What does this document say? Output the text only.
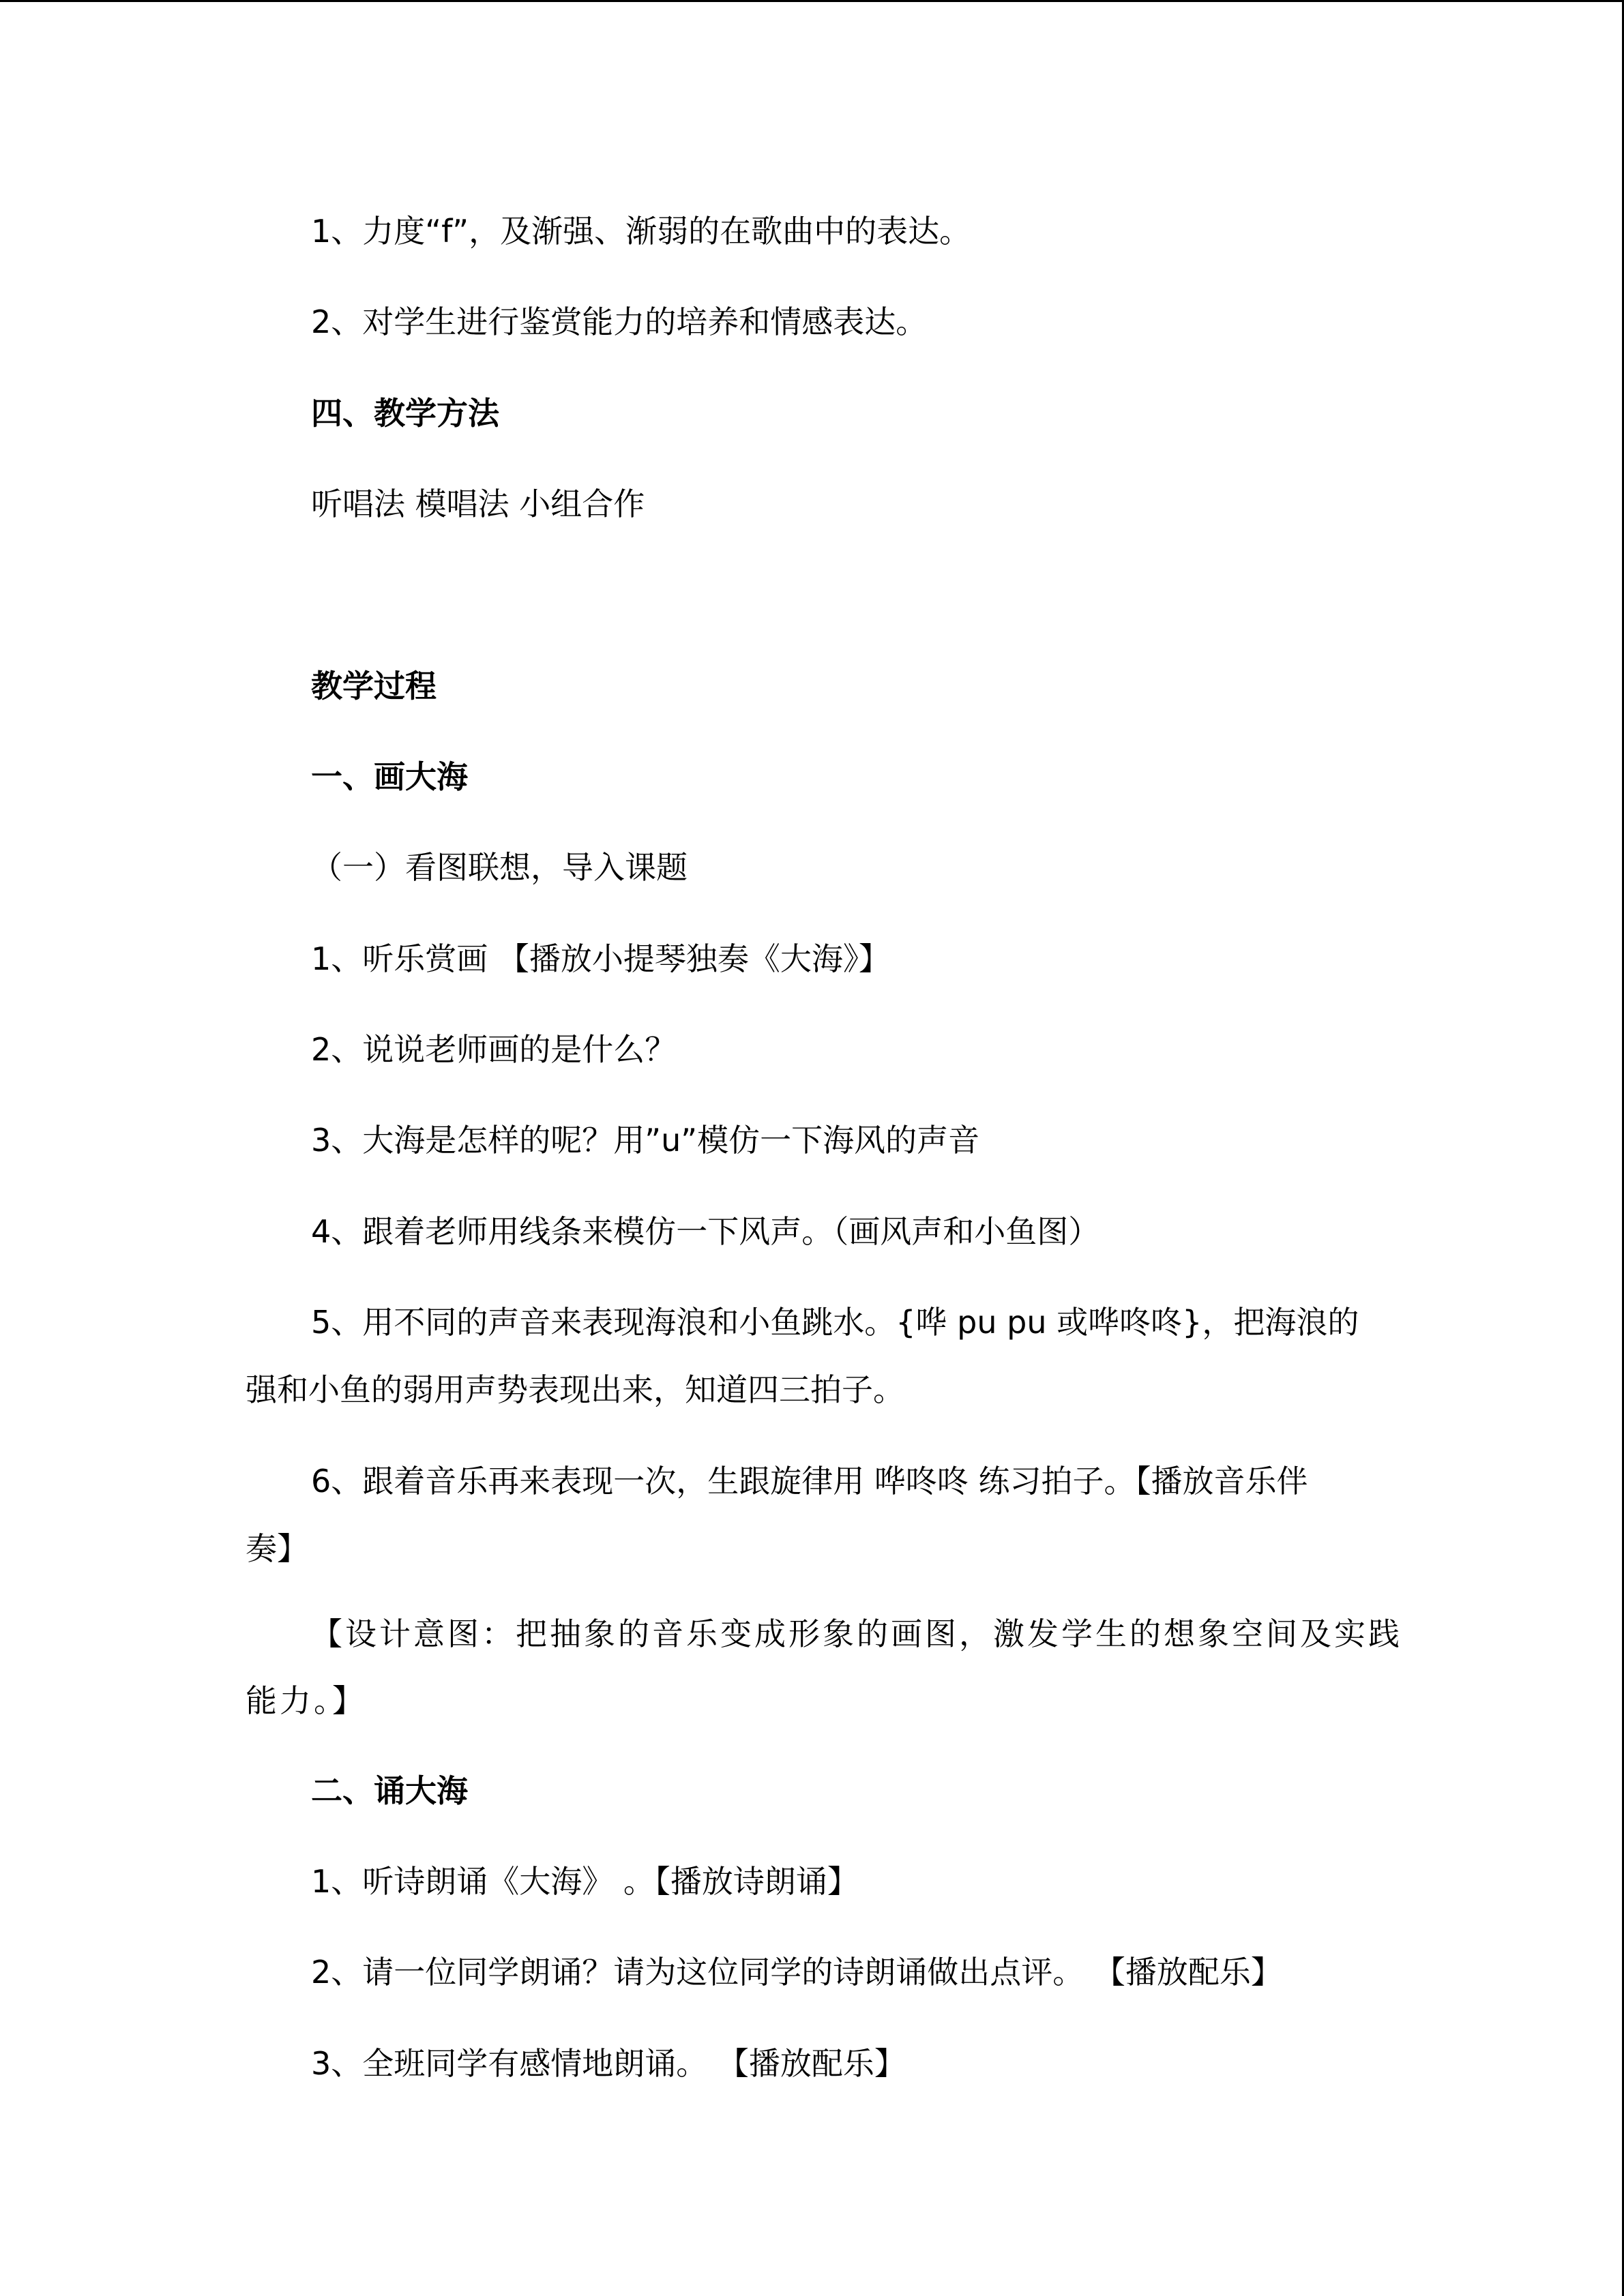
1、力度“f”，及渐强、渐弱的在歌曲中的表达。
2、对学生进行鉴赏能力的培养和情感表达。
四、教学方法
听唱法 模唱法 小组合作
教学过程
一、画大海
（一）看图联想，导入课题
1、听乐赏画 【播放小提琴独奏《大海》】
2、说说老师画的是什么？
3、大海是怎样的呢？用”u”模仿一下海风的声音
4、跟着老师用线条来模仿一下风声。（画风声和小鱼图）
5、用不同的声音来表现海浪和小鱼跳水。{哗 pu pu 或哗咚咚}，把海浪的
强和小鱼的弱用声势表现出来，知道四三拍子。
6、跟着音乐再来表现一次，生跟旋律用 哗咚咚 练习拍子。【播放音乐伴
奏】
【设计意图：把抽象的音乐变成形象的画图，激发学生的想象空间及实践
能力。】
二、诵大海
1、听诗朗诵《大海》 。【播放诗朗诵】
2、请一位同学朗诵？请为这位同学的诗朗诵做出点评。 【播放配乐】
3、全班同学有感情地朗诵。 【播放配乐】
